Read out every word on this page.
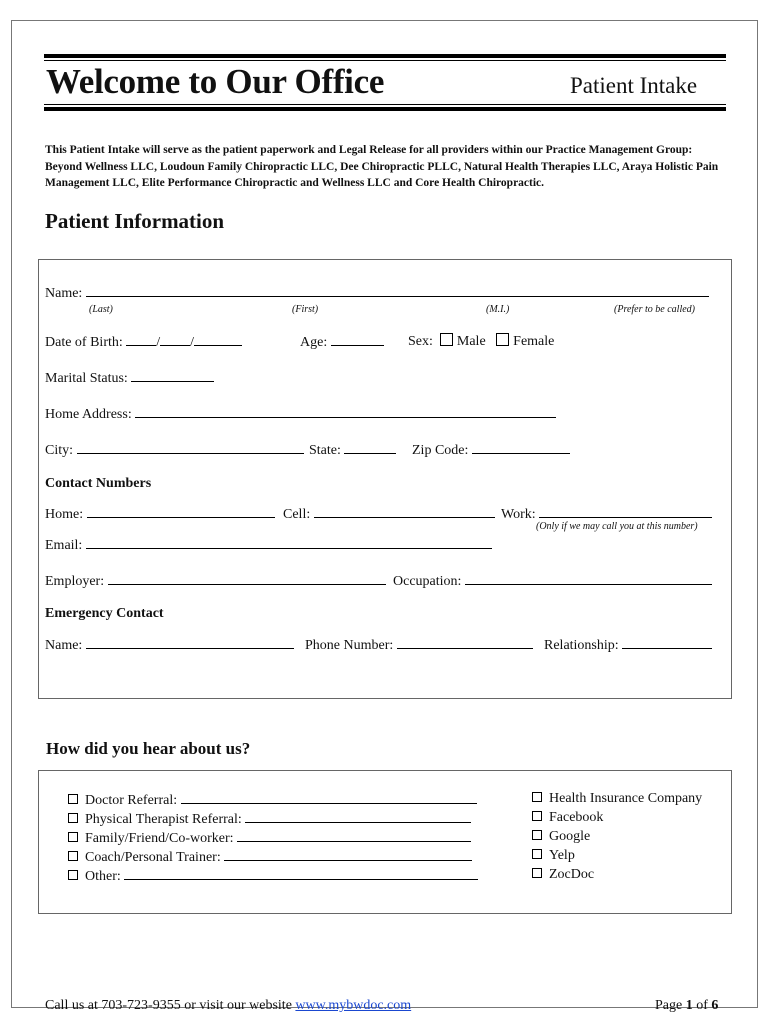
Welcome to Our Office	Patient Intake
This Patient Intake will serve as the patient paperwork and Legal Release for all providers within our Practice Management Group: Beyond Wellness LLC, Loudoun Family Chiropractic LLC, Dee Chiropractic PLLC, Natural Health Therapies LLC, Araya Holistic Pain Management LLC, Elite Performance Chiropractic and Wellness LLC and Core Health Chiropractic.
Patient Information
Name:
(Last)	(First)	(M.I.)	(Prefer to be called)
Date of Birth: / /	Age:	Sex: Male Female
Marital Status:
Home Address:
City:	State:	Zip Code:
Contact Numbers
Home:	Cell:	Work:
(Only if we may call you at this number)
Email:
Employer:	Occupation:
Emergency Contact
Name:	Phone Number:	Relationship:
How did you hear about us?
Doctor Referral:
Physical Therapist Referral:
Family/Friend/Co-worker:
Coach/Personal Trainer:
Other:
Health Insurance Company
Facebook
Google
Yelp
ZocDoc
Call us at 703-723-9355 or visit our website www.mybwdoc.com	Page 1 of 6
